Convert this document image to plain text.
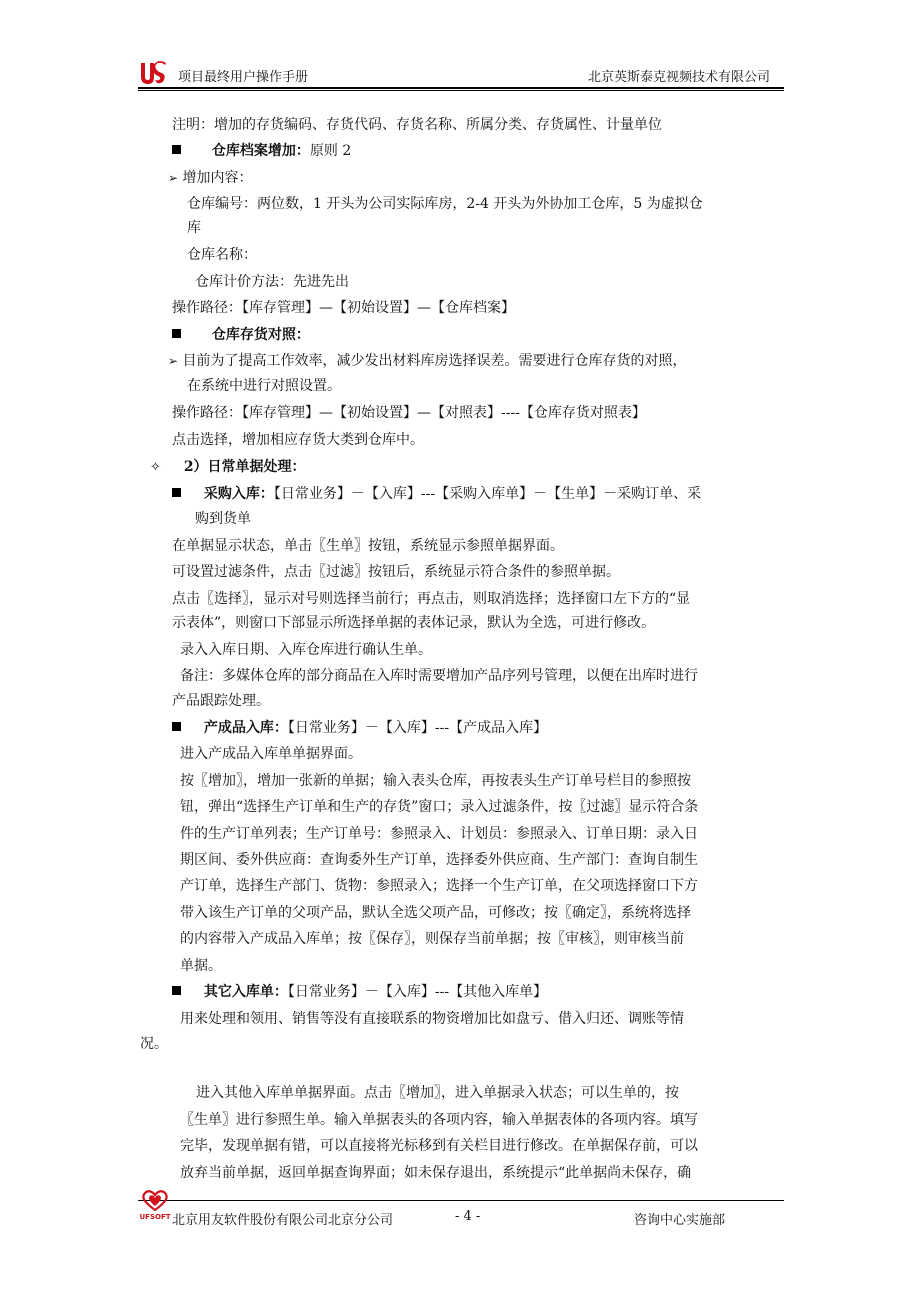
项目最终用户操作手册	北京英斯泰克视频技术有限公司
注明：增加的存货编码、存货代码、存货名称、所属分类、存货属性、计量单位
仓库档案增加：原则 2
➢ 增加内容：
仓库编号：两位数，1 开头为公司实际库房，2-4 开头为外协加工仓库，5 为虚拟仓
库
仓库名称：
仓库计价方法：先进先出
操作路径：【库存管理】—【初始设置】—【仓库档案】
仓库存货对照：
➢ 目前为了提高工作效率，减少发出材料库房选择误差。需要进行仓库存货的对照，
在系统中进行对照设置。
操作路径：【库存管理】—【初始设置】—【对照表】----【仓库存货对照表】
点击选择，增加相应存货大类到仓库中。
✧ 2）日常单据处理：
采购入库：【日常业务】－【入库】---【采购入库单】－【生单】－采购订单、采
购到货单
在单据显示状态，单击〖生单〗按钮，系统显示参照单据界面。
可设置过滤条件，点击〖过滤〗按钮后，系统显示符合条件的参照单据。
点击〖选择〗，显示对号则选择当前行；再点击，则取消选择；选择窗口左下方的“显
示表体”，则窗口下部显示所选择单据的表体记录，默认为全选，可进行修改。
录入入库日期、入库仓库进行确认生单。
备注：多媒体仓库的部分商品在入库时需要增加产品序列号管理，以便在出库时进行
产品跟踪处理。
产成品入库：【日常业务】－【入库】---【产成品入库】
进入产成品入库单单据界面。
按〖增加〗，增加一张新的单据；输入表头仓库，再按表头生产订单号栏目的参照按
钮，弹出“选择生产订单和生产的存货”窗口；录入过滤条件，按〖过滤〗显示符合条
件的生产订单列表；生产订单号：参照录入、计划员：参照录入、订单日期：录入日
期区间、委外供应商：查询委外生产订单，选择委外供应商、生产部门：查询自制生
产订单，选择生产部门、货物：参照录入；选择一个生产订单，在父项选择窗口下方
带入该生产订单的父项产品，默认全选父项产品，可修改；按〖确定〗，系统将选择
的内容带入产成品入库单；按〖保存〗，则保存当前单据；按〖审核〗，则审核当前
单据。
其它入库单：【日常业务】－【入库】---【其他入库单】
用来处理和领用、销售等没有直接联系的物资增加比如盘亏、借入归还、调账等情
况。
进入其他入库单单据界面。点击〖增加〗，进入单据录入状态；可以生单的，按
〖生单〗进行参照生单。输入单据表头的各项内容，输入单据表体的各项内容。填写
完毕，发现单据有错，可以直接将光标移到有关栏目进行修改。在单据保存前，可以
放弃当前单据，返回单据查询界面；如未保存退出，系统提示“此单据尚未保存，确
UFSOFT 北京用友软件股份有限公司北京分公司	- 4 -	咨询中心实施部
